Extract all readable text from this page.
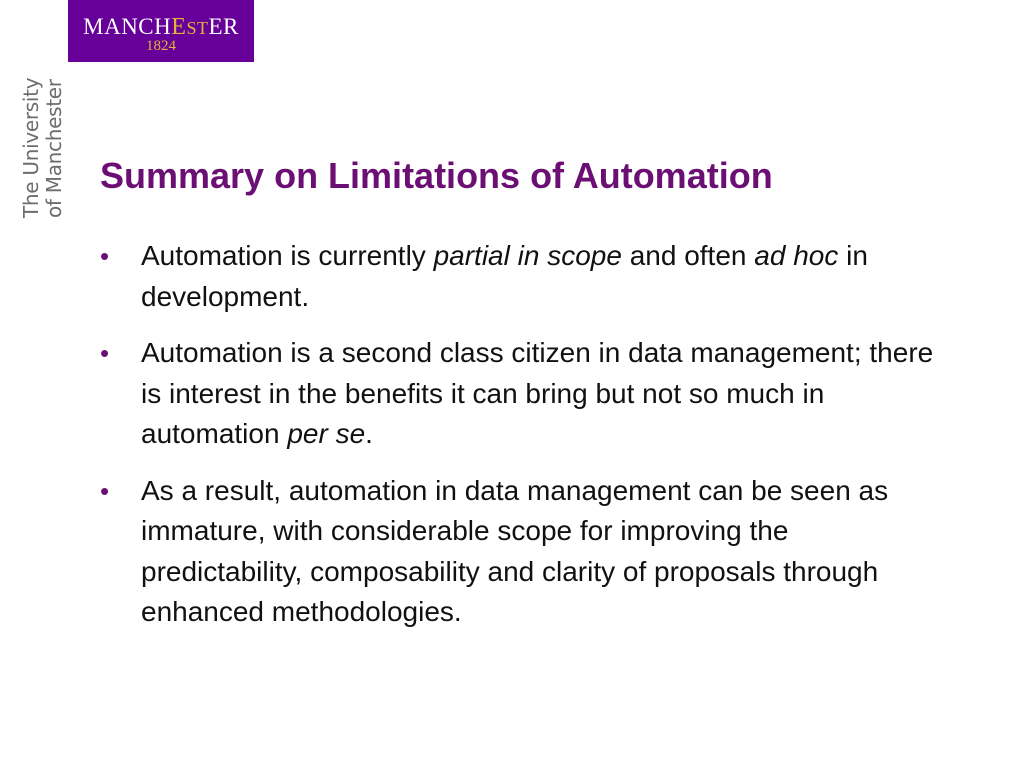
MANCHESTER
1824
The University of Manchester Summary on Limitations of Automation
•	Automation is currently partial in scope and often ad hoc in development.
•	Automation is a second class citizen in data management; there is interest in the benefits it can bring but not so much in automation per se.
•	As a result, automation in data management can be seen as immature, with considerable scope for improving the predictability, composability and clarity of proposals through enhanced methodologies.
